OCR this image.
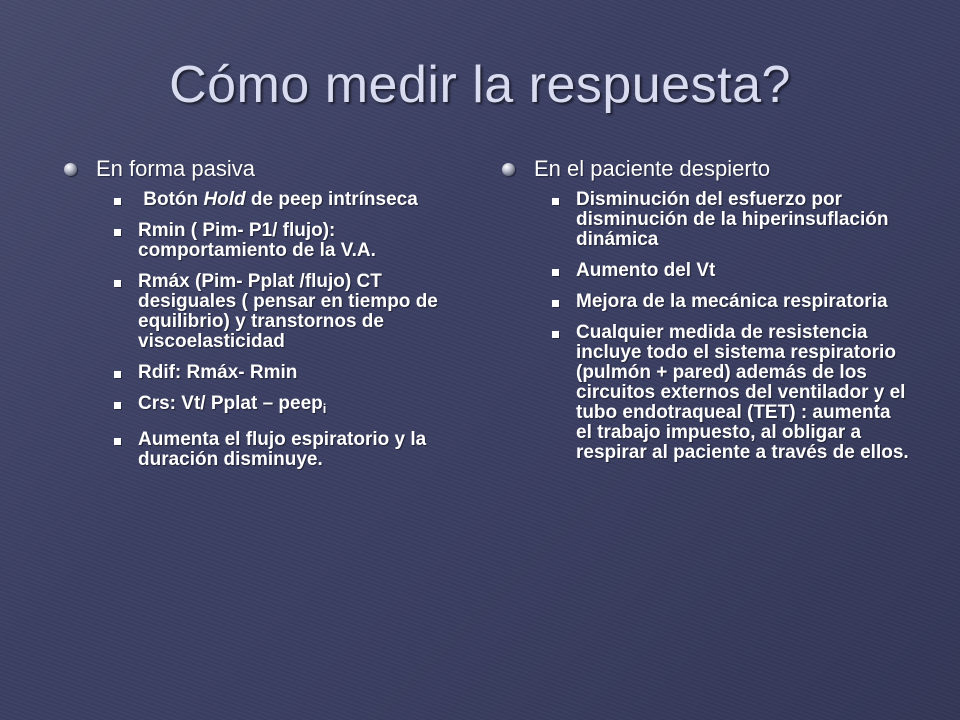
Cómo medir la respuesta?
En forma pasiva
Botón Hold de peep intrínseca
Rmin ( Pim- P1/ flujo): comportamiento de la V.A.
Rmáx (Pim- Pplat /flujo) CT desiguales ( pensar en tiempo de equilibrio) y transtornos de viscoelasticidad
Rdif: Rmáx- Rmin
Crs: Vt/ Pplat – peep$_i$
Aumenta el flujo espiratorio y la duración disminuye.
En el paciente despierto
Disminución del esfuerzo por disminución de la hiperinsuflación dinámica
Aumento del Vt
Mejora de la mecánica respiratoria
Cualquier medida de resistencia incluye todo el sistema respiratorio (pulmón + pared) además de los circuitos externos del ventilador y el tubo endotraqueal (TET) : aumenta el trabajo impuesto, al obligar a respirar al paciente a través de ellos.
